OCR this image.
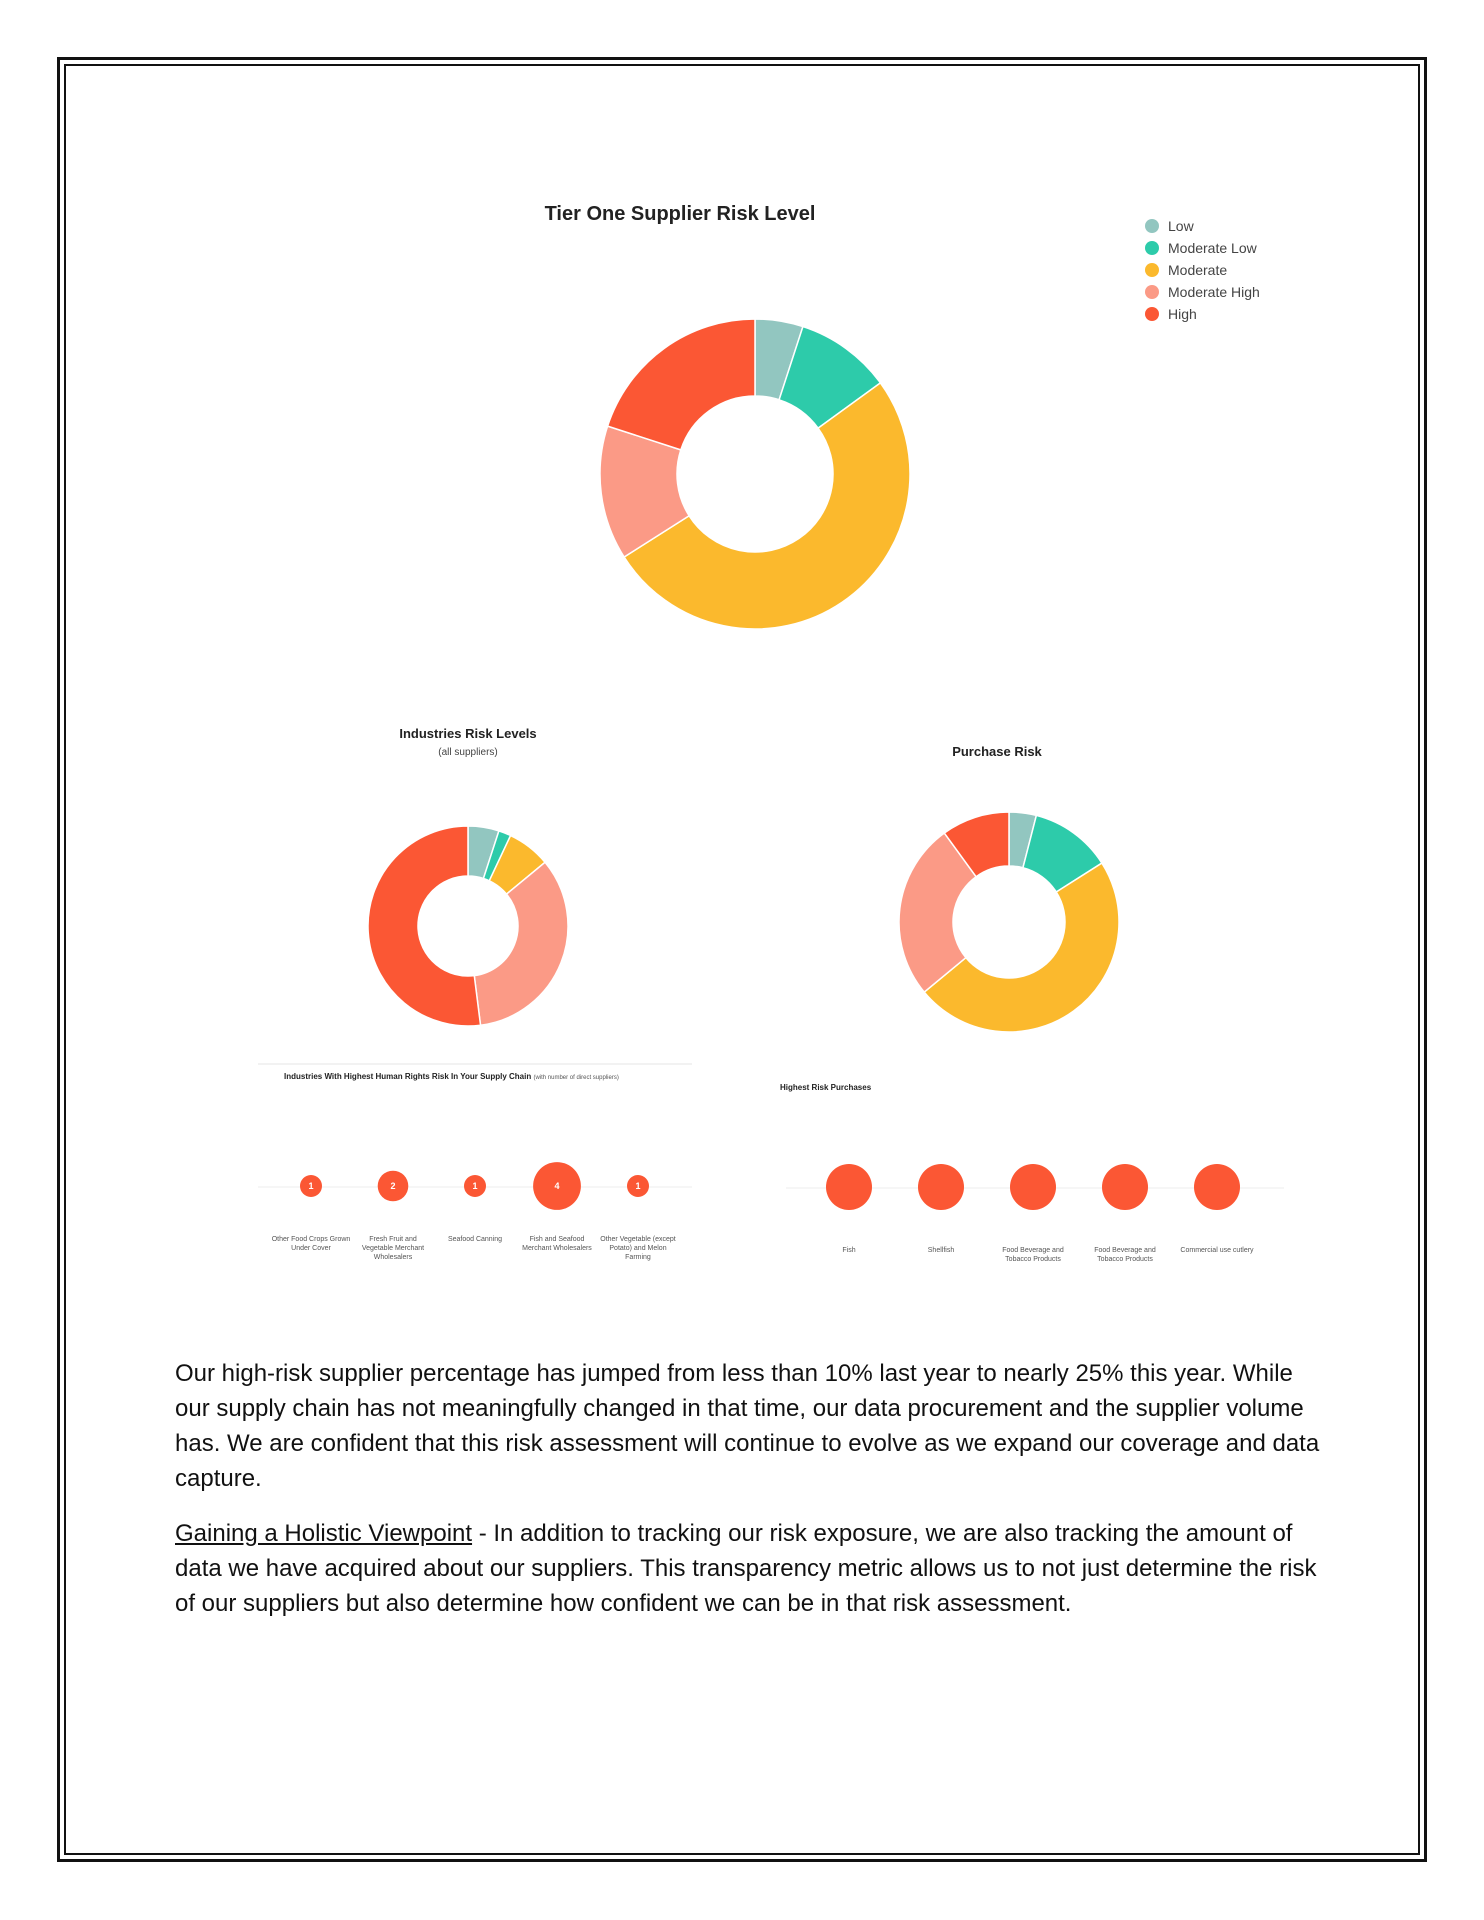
Tier One Supplier Risk Level
Low
Moderate Low
Moderate
Moderate High
High
Industries Risk Levels
(all suppliers)	Purchase Risk
Industries With Highest Human Rights Risk In Your Supply Chain (with number of direct suppliers)
1
Other Food Crops Grown Under Cover
2
Fresh Fruit and Vegetable Merchant Wholesalers
1
Seafood Canning
4
Fish and Seafood Merchant Wholesalers
1
Other Vegetable (except Potato) and Melon Farming
Highest Risk Purchases
Fish	Shellfish	Food Beverage and Tobacco Products
Food Beverage and Tobacco Products
Commercial use cutlery

Our high-risk supplier percentage has jumped from less than 10% last year to nearly 25% this year. While our supply chain has not meaningfully changed in that time, our data procurement and the supplier volume has. We are confident that this risk assessment will continue to evolve as we expand our coverage and data capture.

Gaining a Holistic Viewpoint - In addition to tracking our risk exposure, we are also tracking the amount of data we have acquired about our suppliers. This transparency metric allows us to not just determine the risk of our suppliers but also determine how confident we can be in that risk assessment.
